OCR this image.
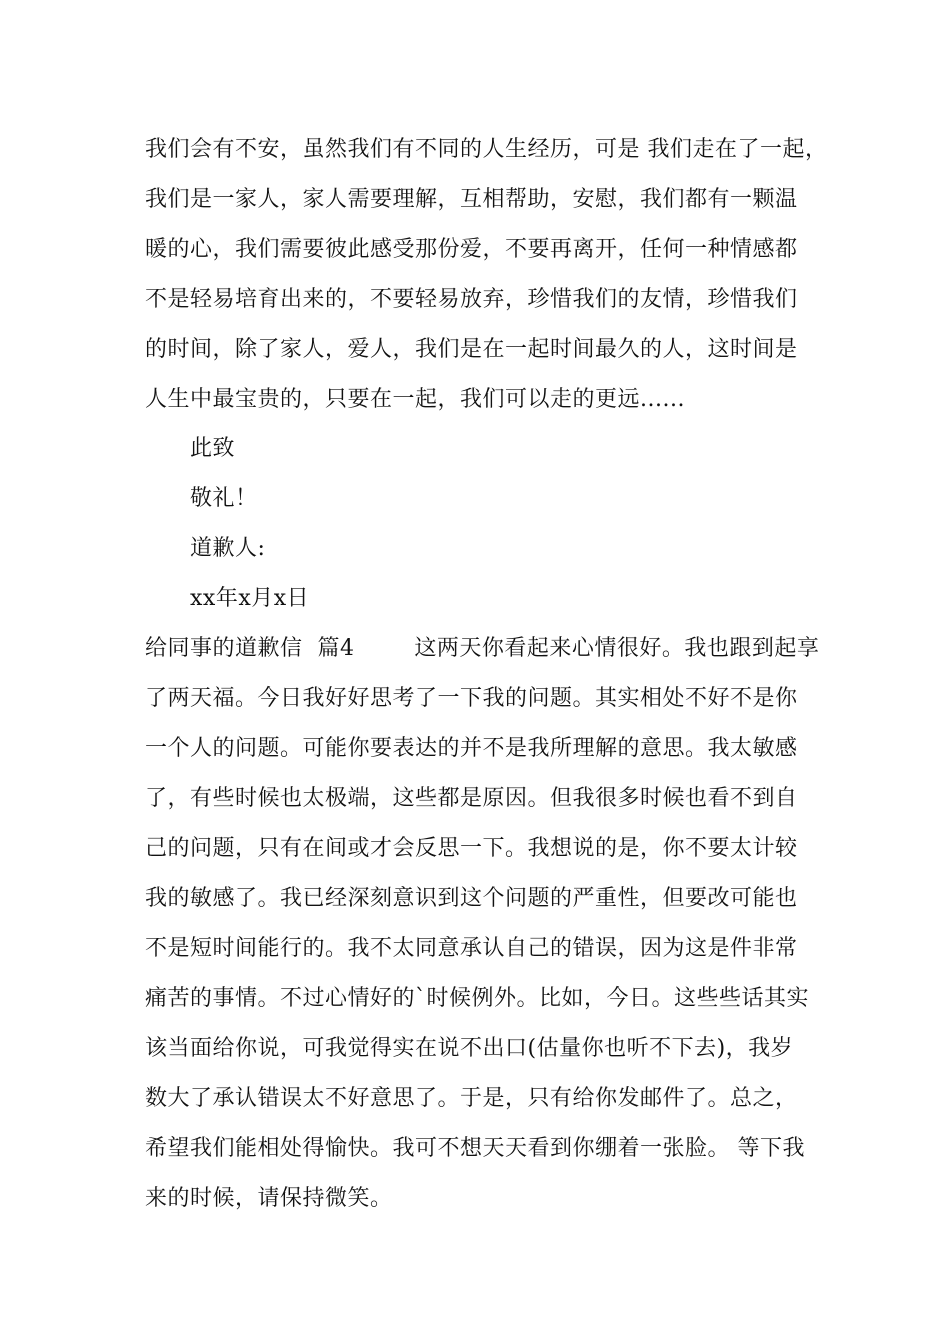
我们会有不安，虽然我们有不同的人生经历，可是 我们走在了一起，
我们是一家人，家人需要理解，互相帮助，安慰，我们都有一颗温
暖的心，我们需要彼此感受那份爱，不要再离开，任何一种情感都
不是轻易培育出来的，不要轻易放弃，珍惜我们的友情，珍惜我们
的时间，除了家人，爱人，我们是在一起时间最久的人，这时间是
人生中最宝贵的，只要在一起，我们可以走的更远......
此致
敬礼！
道歉人:
xx年x月x日
给同事的道歉信  篇4        这两天你看起来心情很好。我也跟到起享
了两天福。今日我好好思考了一下我的问题。其实相处不好不是你
一个人的问题。可能你要表达的并不是我所理解的意思。我太敏感
了，有些时候也太极端，这些都是原因。但我很多时候也看不到自
己的问题，只有在间或才会反思一下。我想说的是，你不要太计较
我的敏感了。我已经深刻意识到这个问题的严重性，但要改可能也
不是短时间能行的。我不太同意承认自己的错误，因为这是件非常
痛苦的事情。不过心情好的`时候例外。比如，今日。这些些话其实
该当面给你说，可我觉得实在说不出口(估量你也听不下去)，我岁
数大了承认错误太不好意思了。于是，只有给你发邮件了。总之，
希望我们能相处得愉快。我可不想天天看到你绷着一张脸。 等下我
来的时候，请保持微笑。
